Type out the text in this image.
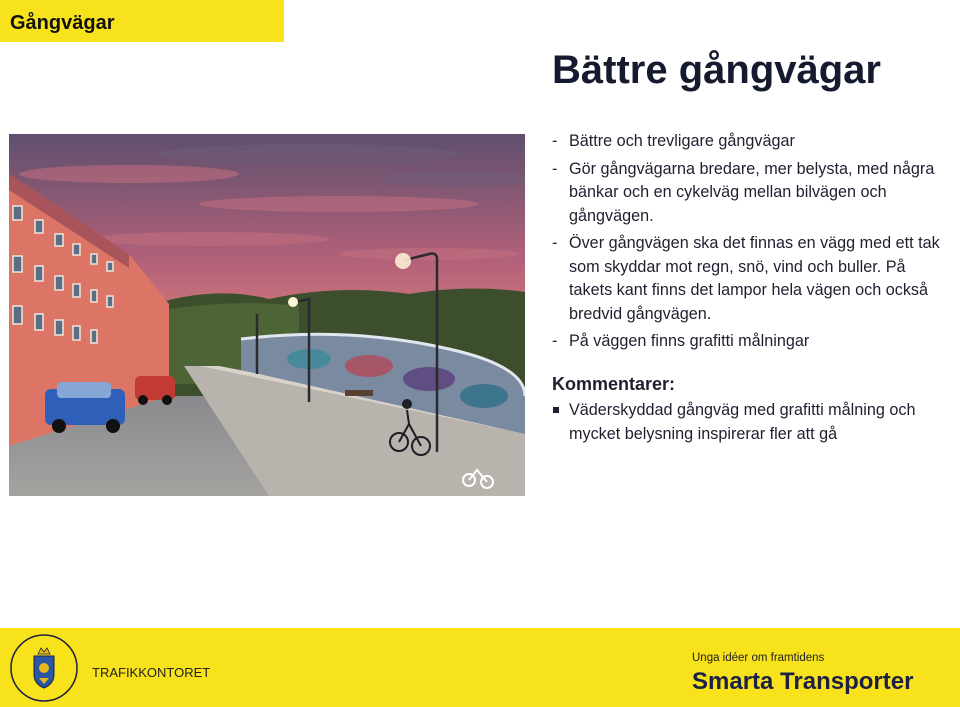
Gångvägar
Bättre gångvägar
- Bättre och trevligare gångvägar
- Gör gångvägarna bredare, mer belysta, med några bänkar och en cykelväg mellan bilvägen och gångvägen.
- Över gångvägen ska det finnas en vägg med ett tak som skyddar mot regn, snö, vind och buller. På takets kant finns det lampor hela vägen och också bredvid gångvägen.
- På väggen finns grafitti målningar
Kommentarer:
Väderskyddad gångväg med grafitti målning och mycket belysning inspirerar fler att gå
TRAFIKKONTORET
Unga idéer om framtidens
Smarta Transporter
